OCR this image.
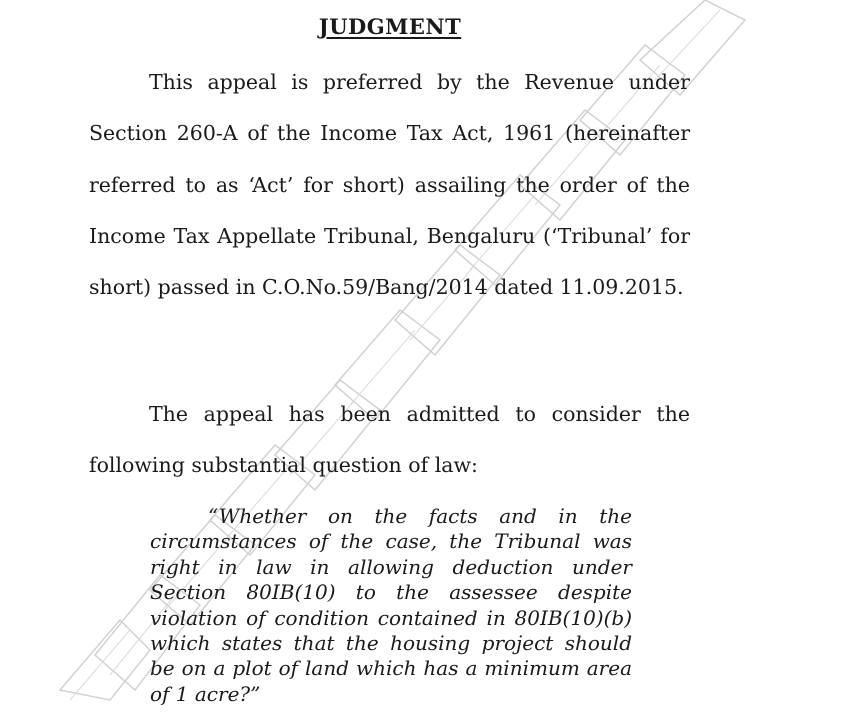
JUDGMENT

This appeal is preferred by the Revenue under Section 260-A of the Income Tax Act, 1961 (hereinafter referred to as ‘Act’ for short) assailing the order of the Income Tax Appellate Tribunal, Bengaluru (‘Tribunal’ for short) passed in C.O.No.59/Bang/2014 dated 11.09.2015.

The appeal has been admitted to consider the following substantial question of law:

“Whether on the facts and in the circumstances of the case, the Tribunal was right in law in allowing deduction under Section 80IB(10) to the assessee despite violation of condition contained in 80IB(10)(b) which states that the housing project should be on a plot of land which has a minimum area of 1 acre?”
